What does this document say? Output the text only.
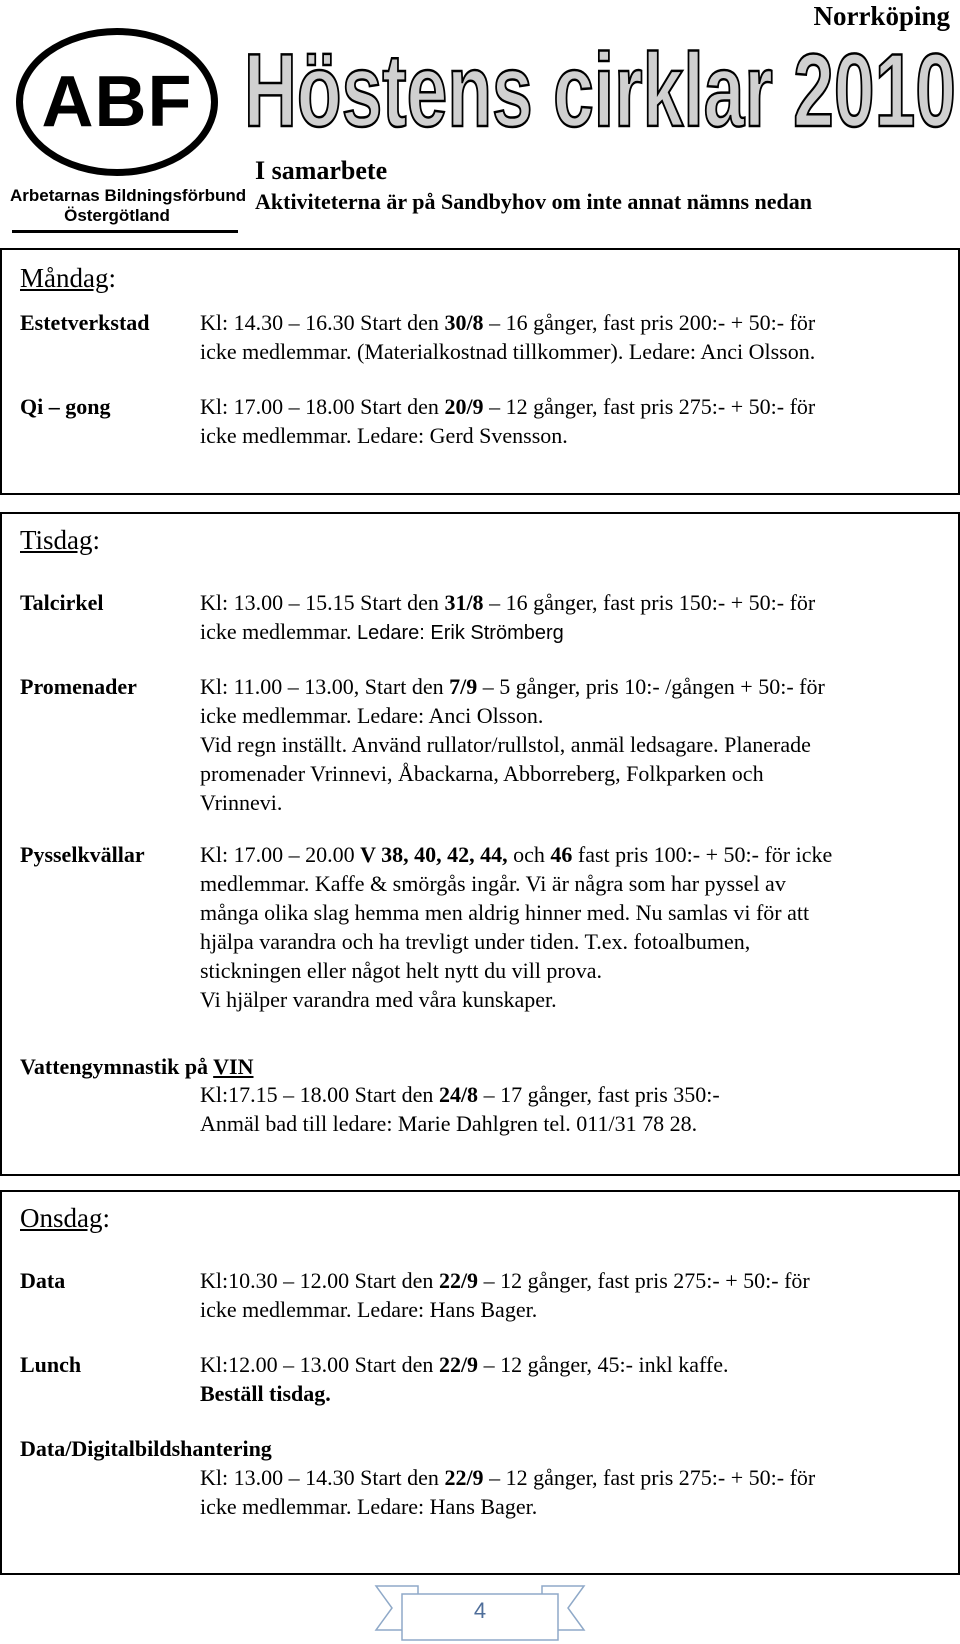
ABF
Arbetarnas Bildningsförbund
Östergötland
Norrköping
Höstens cirklar 2010
I samarbete
Aktiviteterna är på Sandbyhov om inte annat nämns nedan
Måndag:
Estetverkstad Kl: 14.30 – 16.30 Start den 30/8 – 16 gånger, fast pris 200:- + 50:- för
icke medlemmar. (Materialkostnad tillkommer). Ledare: Anci Olsson.
Qi – gong	Kl: 17.00 – 18.00 Start den 20/9 – 12 gånger, fast pris 275:- + 50:- för
icke medlemmar. Ledare: Gerd Svensson.
Tisdag:
Talcirkel	Kl: 13.00 – 15.15 Start den 31/8 – 16 gånger, fast pris 150:- + 50:- för
icke medlemmar. Ledare: Erik Strömberg
Promenader	Kl: 11.00 – 13.00, Start den 7/9 – 5 gånger, pris 10:- /gången + 50:- för
icke medlemmar. Ledare: Anci Olsson.
Vid regn inställt. Använd rullator/rullstol, anmäl ledsagare. Planerade
promenader Vrinnevi, Åbackarna, Abborreberg, Folkparken och
Vrinnevi.
Pysselkvällar	Kl: 17.00 – 20.00 V 38, 40, 42, 44, och 46 fast pris 100:- + 50:- för icke
medlemmar. Kaffe & smörgås ingår. Vi är några som har pyssel av
många olika slag hemma men aldrig hinner med. Nu samlas vi för att
hjälpa varandra och ha trevligt under tiden. T.ex. fotoalbumen,
stickningen eller något helt nytt du vill prova.
Vi hjälper varandra med våra kunskaper.
Vattengymnastik på VIN
Kl:17.15 – 18.00 Start den 24/8 – 17 gånger, fast pris 350:-
Anmäl bad till ledare: Marie Dahlgren tel. 011/31 78 28.
Onsdag:
Data	Kl:10.30 – 12.00 Start den 22/9 – 12 gånger, fast pris 275:- + 50:- för
icke medlemmar. Ledare: Hans Bager.
Lunch	Kl:12.00 – 13.00 Start den 22/9 – 12 gånger, 45:- inkl kaffe.
Beställ tisdag.
Data/Digitalbildshantering
Kl: 13.00 – 14.30 Start den 22/9 – 12 gånger, fast pris 275:- + 50:- för
icke medlemmar. Ledare: Hans Bager.
4
